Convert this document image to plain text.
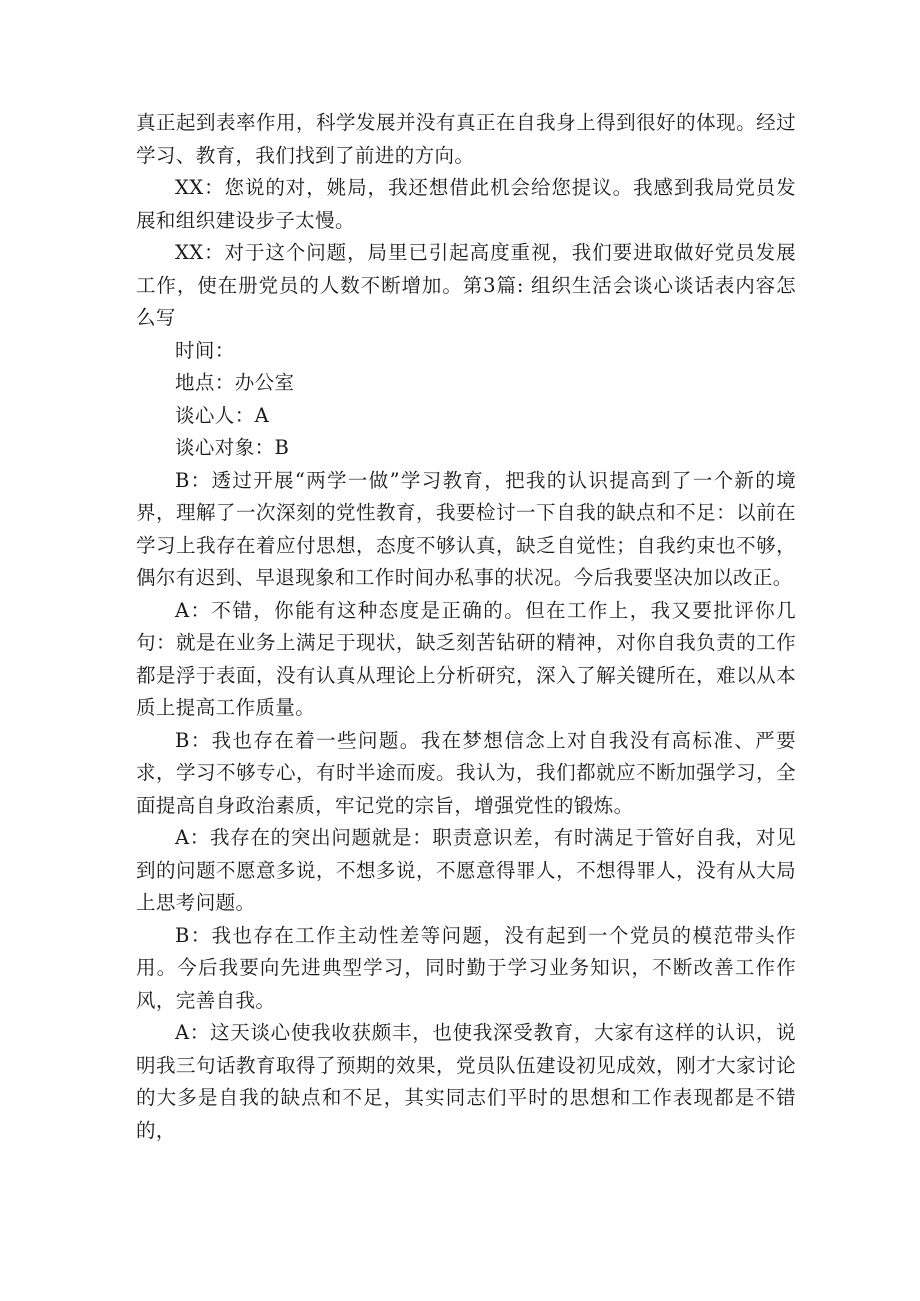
真正起到表率作用，科学发展并没有真正在自我身上得到很好的体现。经过学习、教育，我们找到了前进的方向。

XX：您说的对，姚局，我还想借此机会给您提议。我感到我局党员发展和组织建设步子太慢。

XX：对于这个问题，局里已引起高度重视，我们要进取做好党员发展工作，使在册党员的人数不断增加。第3篇: 组织生活会谈心谈话表内容怎么写

时间：

地点：办公室

谈心人：A

谈心对象：B

B：透过开展“两学一做”学习教育，把我的认识提高到了一个新的境界，理解了一次深刻的党性教育，我要检讨一下自我的缺点和不足：以前在学习上我存在着应付思想，态度不够认真，缺乏自觉性；自我约束也不够，偶尔有迟到、早退现象和工作时间办私事的状况。今后我要坚决加以改正。

A：不错，你能有这种态度是正确的。但在工作上，我又要批评你几句：就是在业务上满足于现状，缺乏刻苦钻研的精神，对你自我负责的工作都是浮于表面，没有认真从理论上分析研究，深入了解关键所在，难以从本质上提高工作质量。

B：我也存在着一些问题。我在梦想信念上对自我没有高标准、严要求，学习不够专心，有时半途而废。我认为，我们都就应不断加强学习，全面提高自身政治素质，牢记党的宗旨，增强党性的锻炼。

A：我存在的突出问题就是：职责意识差，有时满足于管好自我，对见到的问题不愿意多说，不想多说，不愿意得罪人，不想得罪人，没有从大局上思考问题。

B：我也存在工作主动性差等问题，没有起到一个党员的模范带头作用。今后我要向先进典型学习，同时勤于学习业务知识，不断改善工作作风，完善自我。

A：这天谈心使我收获颇丰，也使我深受教育，大家有这样的认识，说明我三句话教育取得了预期的效果，党员队伍建设初见成效，刚才大家讨论的大多是自我的缺点和不足，其实同志们平时的思想和工作表现都是不错的，
